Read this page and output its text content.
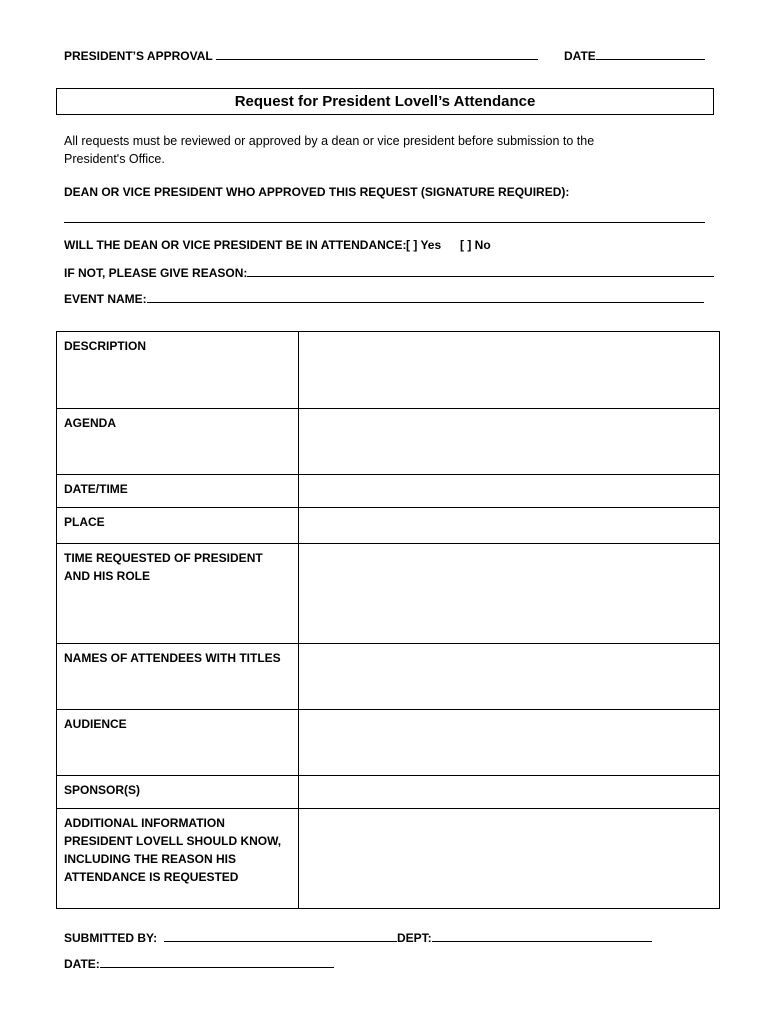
PRESIDENT’S APPROVAL	DATE
Request for President Lovell’s Attendance
All requests must be reviewed or approved by a dean or vice president before submission to the President's Office.
DEAN OR VICE PRESIDENT WHO APPROVED THIS REQUEST (SIGNATURE REQUIRED):
WILL THE DEAN OR VICE PRESIDENT BE IN ATTENDANCE: [ ] Yes [ ] No
IF NOT, PLEASE GIVE REASON:
EVENT NAME:
DESCRIPTION	
AGENDA	
DATE/TIME	
PLACE	
TIME REQUESTED OF PRESIDENT AND HIS ROLE	
NAMES OF ATTENDEES WITH TITLES	
AUDIENCE	
SPONSOR(S)	
ADDITIONAL INFORMATION PRESIDENT LOVELL SHOULD KNOW, INCLUDING THE REASON HIS ATTENDANCE IS REQUESTED	
SUBMITTED BY:	DEPT:
DATE:
